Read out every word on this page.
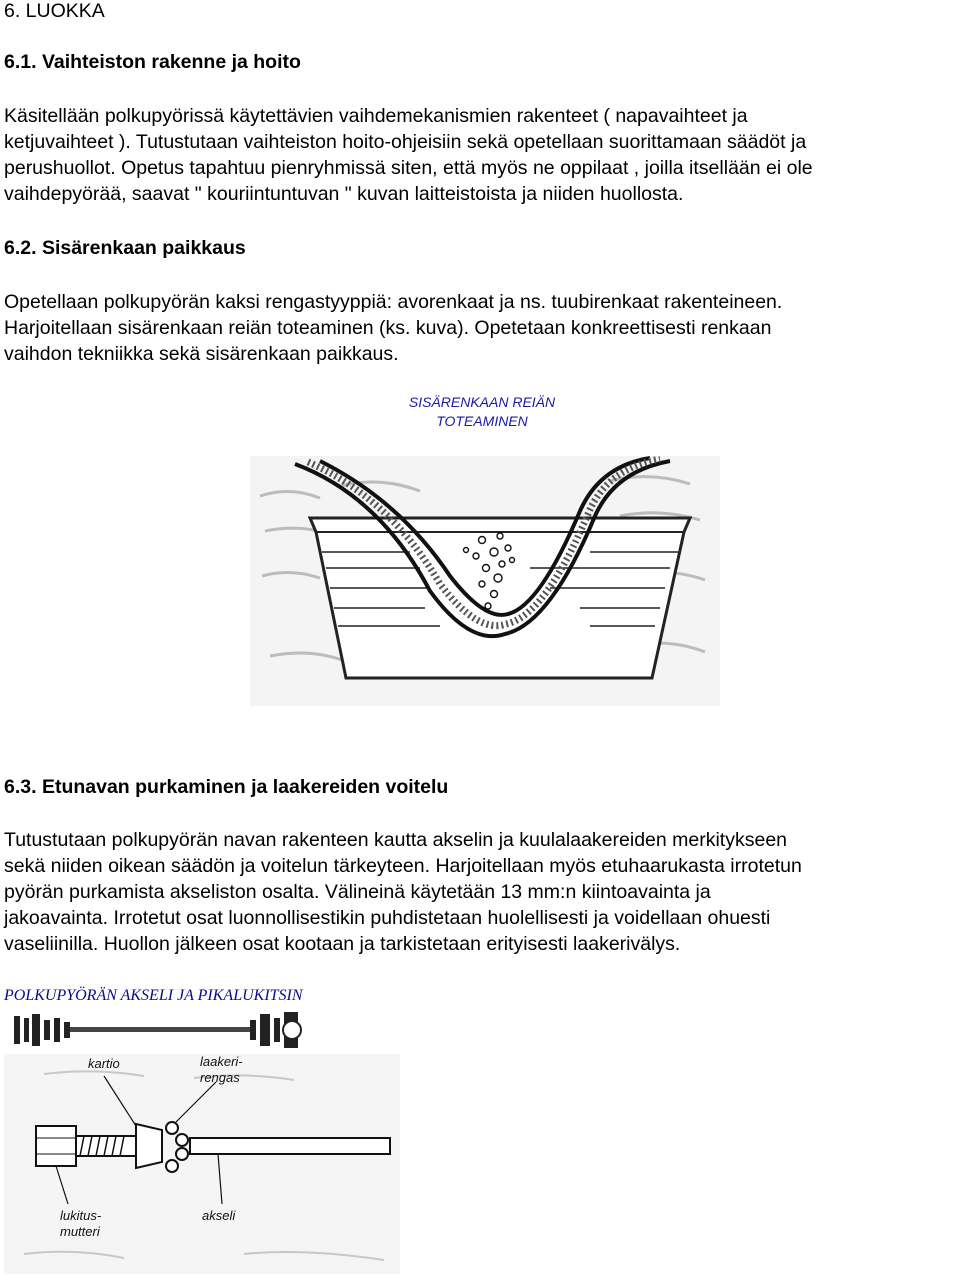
6. LUOKKA

6.1. Vaihteiston rakenne ja hoito

Käsitellään polkupyörissä käytettävien vaihdemekanismien rakenteet ( napavaihteet ja

ketjuvaihteet ). Tutustutaan vaihteiston hoito-ohjeisiin sekä opetellaan suorittamaan säädöt ja

perushuollot. Opetus tapahtuu pienryhmissä siten, että myös ne oppilaat , joilla itsellään ei ole

vaihdepyörää, saavat " kouriintuntuvan " kuvan laitteistoista ja niiden huollosta.

6.2. Sisärenkaan paikkaus

Opetellaan polkupyörän kaksi rengastyyppiä: avorenkaat ja ns. tuubirenkaat rakenteineen.

Harjoitellaan sisärenkaan reiän toteaminen (ks. kuva). Opetetaan konkreettisesti renkaan

vaihdon tekniikka sekä sisärenkaan paikkaus.

SISÄRENKAAN REIÄN
TOTEAMINEN

6.3. Etunavan purkaminen ja laakereiden voitelu

Tutustutaan polkupyörän navan rakenteen kautta akselin ja kuulalaakereiden merkitykseen

sekä niiden oikean säädön ja voitelun tärkeyteen. Harjoitellaan myös etuhaarukasta irrotetun

pyörän purkamista akseliston osalta. Välineinä käytetään 13 mm:n kiintoavainta ja

jakoavainta. Irrotetut osat luonnollisestikin puhdistetaan huolellisesti ja voidellaan ohuesti

vaseliinilla. Huollon jälkeen osat kootaan ja tarkistetaan erityisesti laakerivälys.

POLKUPYÖRÄN AKSELI JA PIKALUKITSIN
kartio	laakeri-
rengas
lukitus-
mutteri
akseli
